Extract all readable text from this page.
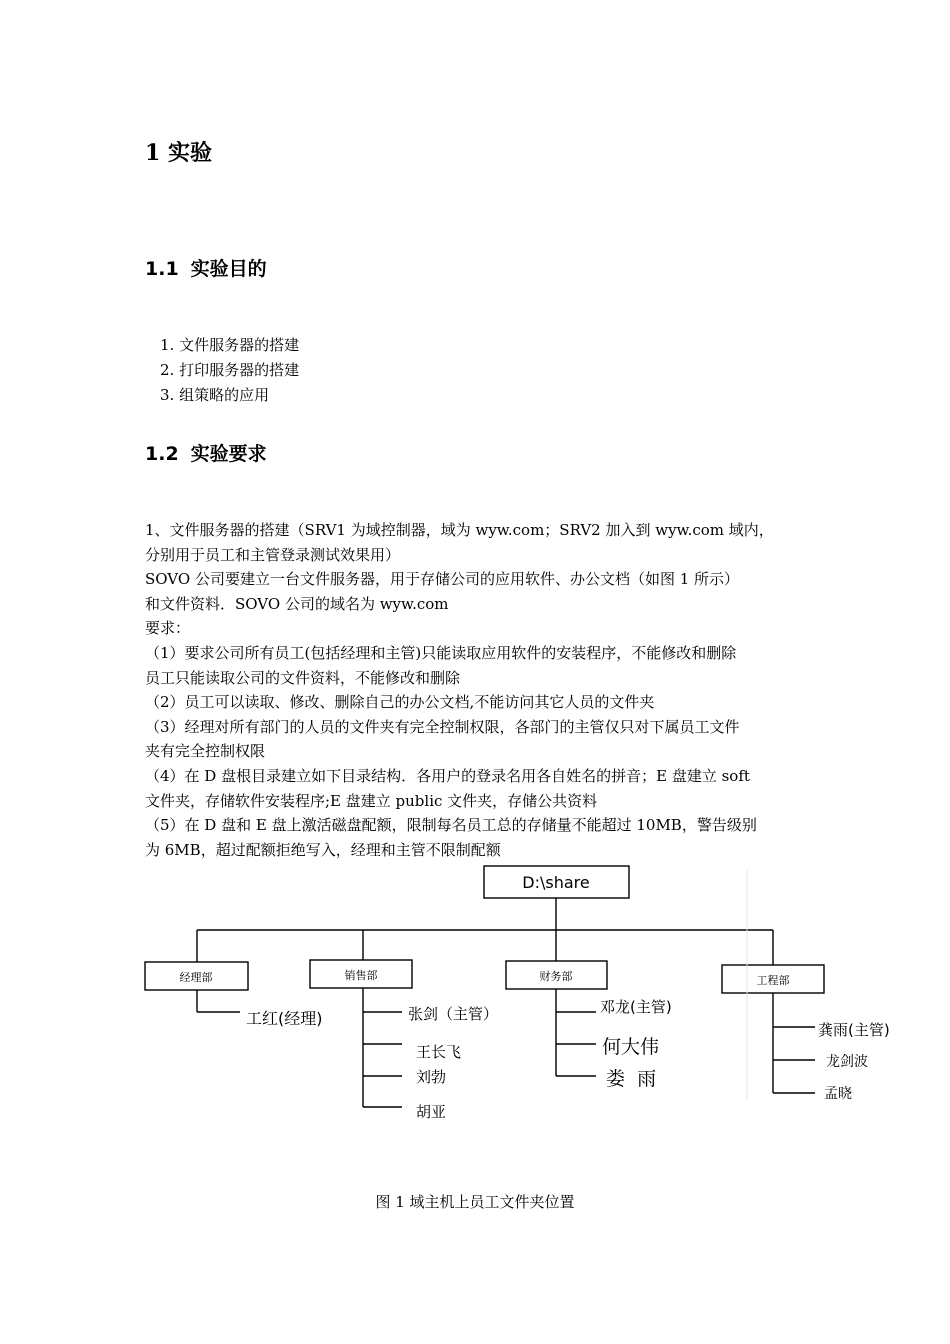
1 实验
1.1 实验目的
1. 文件服务器的搭建
2. 打印服务器的搭建
3. 组策略的应用
1.2 实验要求
1、文件服务器的搭建（SRV1 为域控制器，域为 wyw.com；SRV2 加入到 wyw.com 域内，
分别用于员工和主管登录测试效果用）
SOVO 公司要建立一台文件服务器，用于存储公司的应用软件、办公文档（如图 1 所示）
和文件资料．SOVO 公司的域名为 wyw.com
要求：
（1）要求公司所有员工(包括经理和主管)只能读取应用软件的安装程序，不能修改和删除
员工只能读取公司的文件资料，不能修改和删除
（2）员工可以读取、修改、删除自己的办公文档,不能访问其它人员的文件夹
（3）经理对所有部门的人员的文件夹有完全控制权限，各部门的主管仅只对下属员工文件
夹有完全控制权限
（4）在 D 盘根目录建立如下目录结构．各用户的登录名用各自姓名的拼音；E 盘建立 soft
文件夹，存储软件安装程序;E 盘建立 public 文件夹，存储公共资料
（5）在 D 盘和 E 盘上激活磁盘配额，限制每名员工总的存储量不能超过 10MB，警告级别
为 6MB，超过配额拒绝写入，经理和主管不限制配额
D:\share
经理部	销售部	财务部	工程部
工红(经理)	张剑（主管）
王长飞
刘勃
胡亚
邓龙(主管)
何大伟
娄  雨
龚雨(主管)
龙剑波
孟晓
图 1 域主机上员工文件夹位置
